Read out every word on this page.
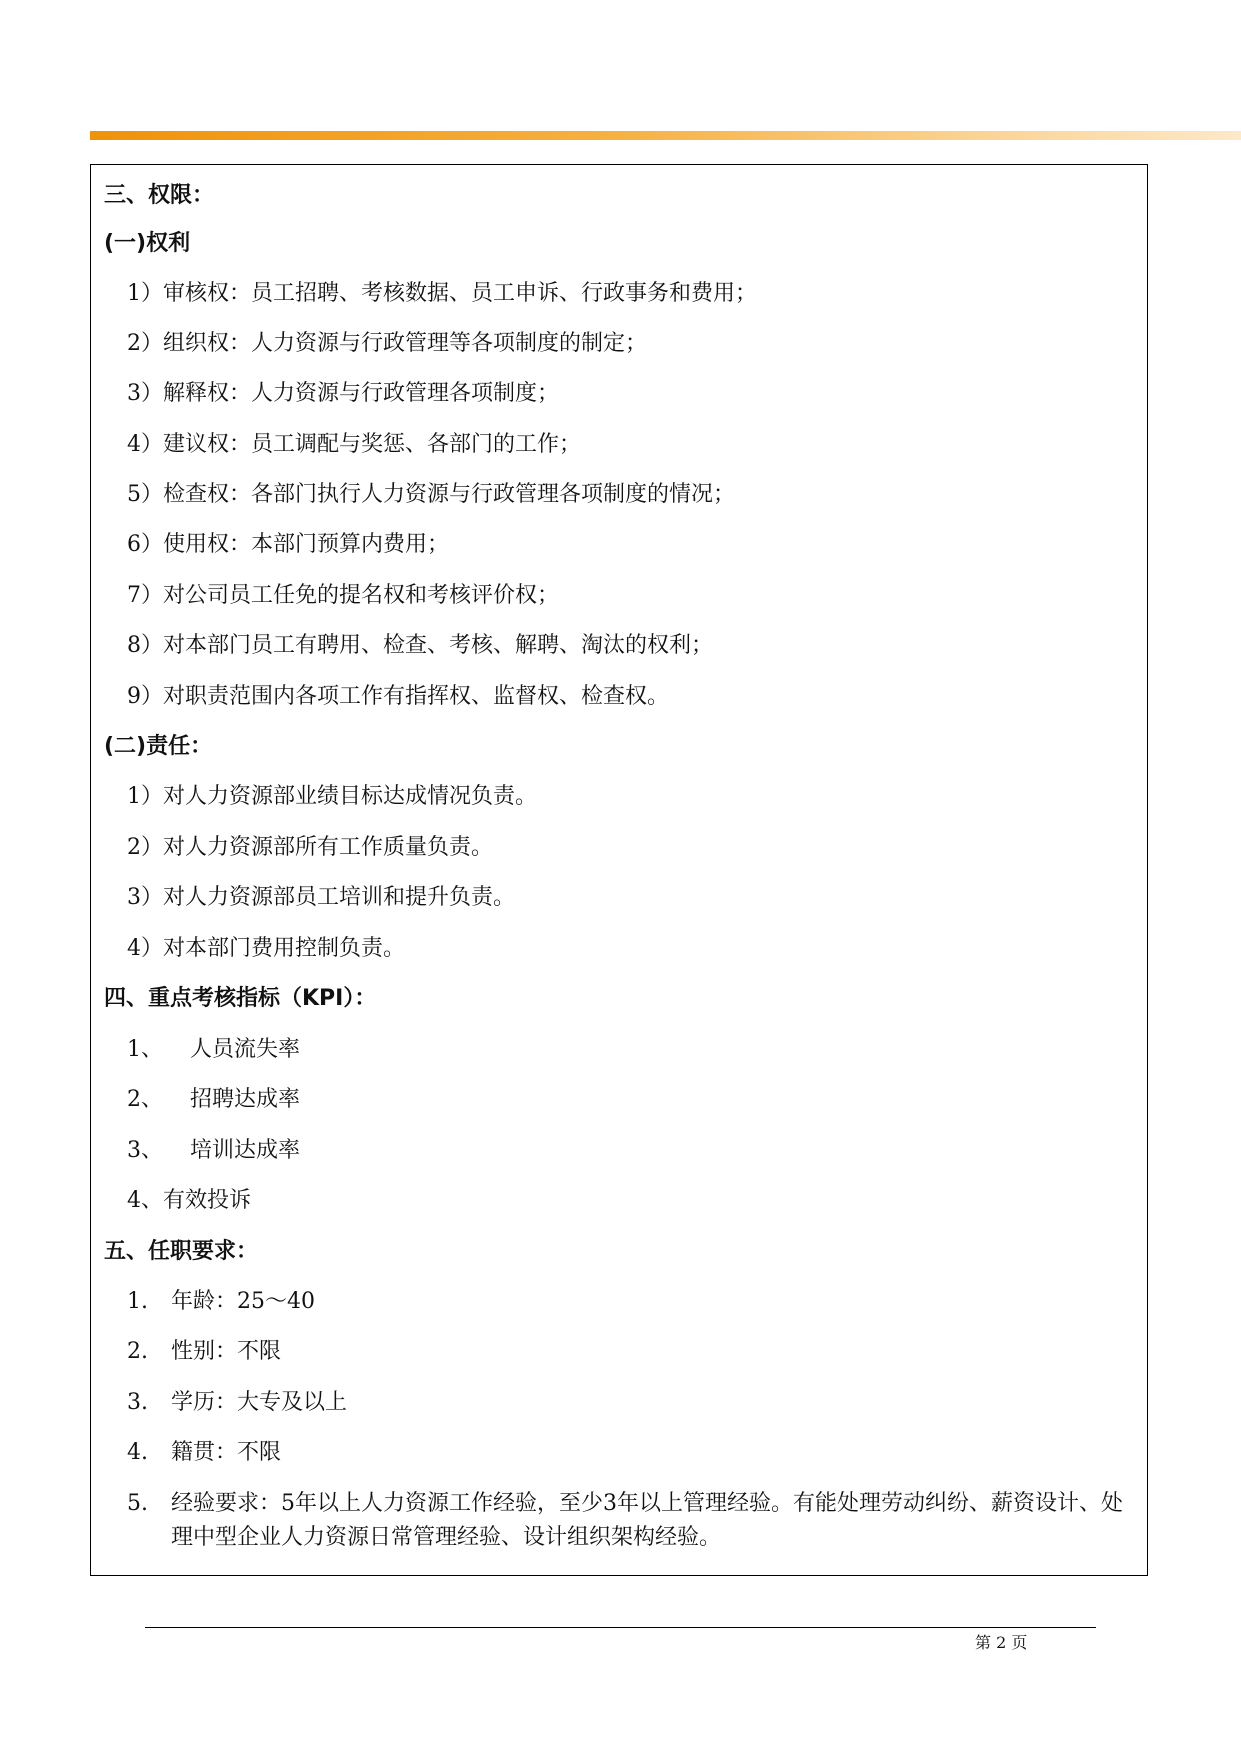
三、权限：
(一)权利
1）审核权：员工招聘、考核数据、员工申诉、行政事务和费用；
2）组织权：人力资源与行政管理等各项制度的制定；
3）解释权：人力资源与行政管理各项制度；
4）建议权：员工调配与奖惩、各部门的工作；
5）检查权：各部门执行人力资源与行政管理各项制度的情况；
6）使用权：本部门预算内费用；
7）对公司员工任免的提名权和考核评价权；
8）对本部门员工有聘用、检查、考核、解聘、淘汰的权利；
9）对职责范围内各项工作有指挥权、监督权、检查权。
(二)责任：
1）对人力资源部业绩目标达成情况负责。
2）对人力资源部所有工作质量负责。
3）对人力资源部员工培训和提升负责。
4）对本部门费用控制负责。
四、重点考核指标（KPI）：
1、 人员流失率
2、 招聘达成率
3、 培训达成率
4、有效投诉
五、任职要求：
1. 年龄：25～40
2. 性别：不限
3. 学历：大专及以上
4. 籍贯：不限
5. 经验要求：5年以上人力资源工作经验，至少3年以上管理经验。有能处理劳动纠纷、薪资设计、处理中型企业人力资源日常管理经验、设计组织架构经验。
第 2 页
